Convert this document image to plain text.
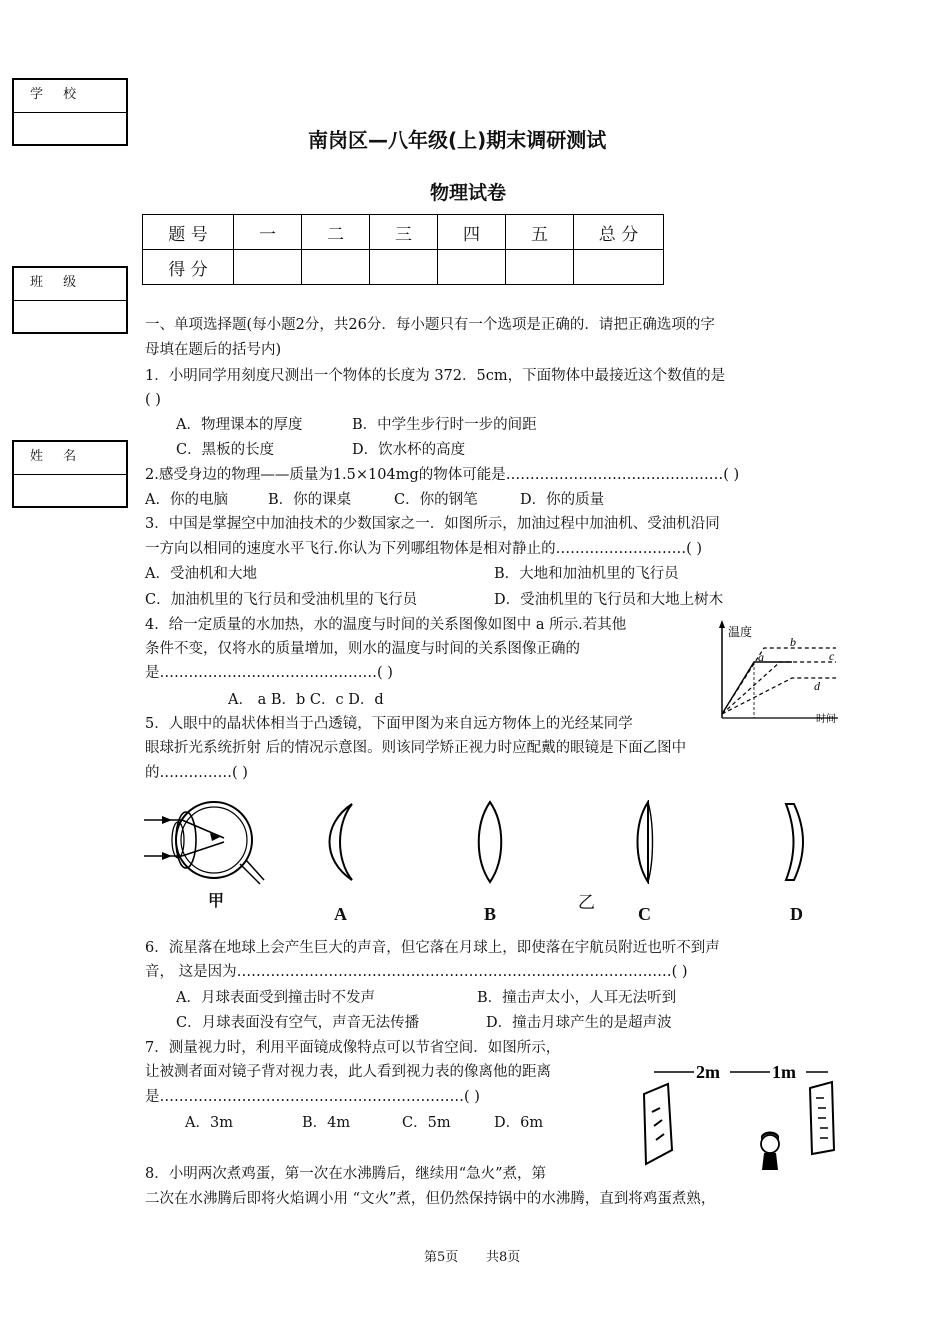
学 校
班 级
姓 名
南岗区—八年级(上)期末调研测试
物理试卷
题 号	一	二	三	四	五	总 分
得 分						
一、单项选择题(每小题2分，共26分．每小题只有一个选项是正确的．请把正确选项的字
母填在题后的括号内)
1．小明同学用刻度尺测出一个物体的长度为 372．5cm，下面物体中最接近这个数值的是
( )
A．物理课本的厚度	B．中学生步行时一步的间距
C．黑板的长度	D．饮水杯的高度
2.感受身边的物理——质量为1.5×104mg的物体可能是………………………………………( )
A．你的电脑	B．你的课桌	C．你的钢笔	D．你的质量
3．中国是掌握空中加油技术的少数国家之一．如图所示，加油过程中加油机、受油机沿同
一方向以相同的速度水平飞行.你认为下列哪组物体是相对静止的………………………( )
A．受油机和大地	B．大地和加油机里的飞行员
C．加油机里的飞行员和受油机里的飞行员	D．受油机里的飞行员和大地上树木
4．给一定质量的水加热，水的温度与时间的关系图像如图中 a 所示.若其他
条件不变，仅将水的质量增加，则水的温度与时间的关系图像正确的
是………………………………………( )
A． a B．b C．c D．d
温度
时间
a
b
c
d
5．人眼中的晶状体相当于凸透镜，下面甲图为来自远方物体上的光经某同学
眼球折光系统折射 后的情况示意图。则该同学矫正视力时应配戴的眼镜是下面乙图中
的……………( )
甲
A	B
乙
C	D
6．流星落在地球上会产生巨大的声音，但它落在月球上，即使落在宇航员附近也听不到声
音， 这是因为………………………………………………………………………………( )
A．月球表面受到撞击时不发声	B．撞击声太小，人耳无法听到
C．月球表面没有空气，声音无法传播	D．撞击月球产生的是超声波
7．测量视力时，利用平面镜成像特点可以节省空间．如图所示，
让被测者面对镜子背对视力表，此人看到视力表的像离他的距离
是………………………………………………………( )
A．3m	B．4m	C．5m	D．6m
2m	1m
8．小明两次煮鸡蛋，第一次在水沸腾后，继续用“急火”煮，第
二次在水沸腾后即将火焰调小用 “文火”煮，但仍然保持锅中的水沸腾，直到将鸡蛋煮熟，
第5页 共8页
